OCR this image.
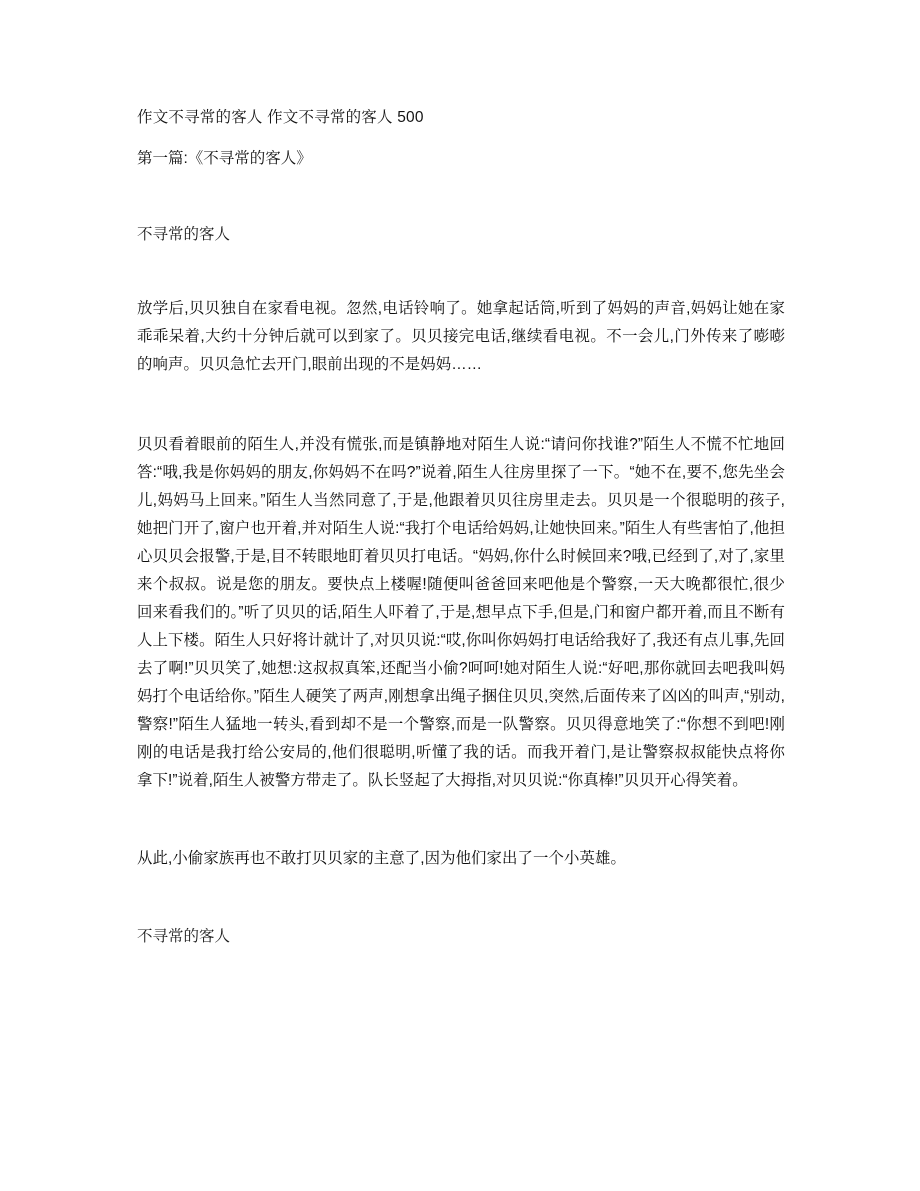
作文不寻常的客人 作文不寻常的客人 500

第一篇:《不寻常的客人》

不寻常的客人

放学后,贝贝独自在家看电视。忽然,电话铃响了。她拿起话筒,听到了妈妈的声音,妈妈让她在家乖乖呆着,大约十分钟后就可以到家了。贝贝接完电话,继续看电视。不一会儿,门外传来了嘭嘭的响声。贝贝急忙去开门,眼前出现的不是妈妈……

贝贝看着眼前的陌生人,并没有慌张,而是镇静地对陌生人说:“请问你找谁?”陌生人不慌不忙地回答:“哦,我是你妈妈的朋友,你妈妈不在吗?”说着,陌生人往房里探了一下。“她不在,要不,您先坐会儿,妈妈马上回来。”陌生人当然同意了,于是,他跟着贝贝往房里走去。贝贝是一个很聪明的孩子,她把门开了,窗户也开着,并对陌生人说:“我打个电话给妈妈,让她快回来。”陌生人有些害怕了,他担心贝贝会报警,于是,目不转眼地盯着贝贝打电话。“妈妈,你什么时候回来?哦,已经到了,对了,家里来个叔叔。说是您的朋友。要快点上楼喔!随便叫爸爸回来吧他是个警察,一天大晚都很忙,很少回来看我们的。”听了贝贝的话,陌生人吓着了,于是,想早点下手,但是,门和窗户都开着,而且不断有人上下楼。陌生人只好将计就计了,对贝贝说:“哎,你叫你妈妈打电话给我好了,我还有点儿事,先回去了啊!”贝贝笑了,她想:这叔叔真笨,还配当小偷?呵呵!她对陌生人说:“好吧,那你就回去吧我叫妈妈打个电话给你。”陌生人硬笑了两声,刚想拿出绳子捆住贝贝,突然,后面传来了凶凶的叫声,“别动,警察!”陌生人猛地一转头,看到却不是一个警察,而是一队警察。贝贝得意地笑了:“你想不到吧!刚刚的电话是我打给公安局的,他们很聪明,听懂了我的话。而我开着门,是让警察叔叔能快点将你拿下!”说着,陌生人被警方带走了。队长竖起了大拇指,对贝贝说:“你真棒!”贝贝开心得笑着。

从此,小偷家族再也不敢打贝贝家的主意了,因为他们家出了一个小英雄。

不寻常的客人
